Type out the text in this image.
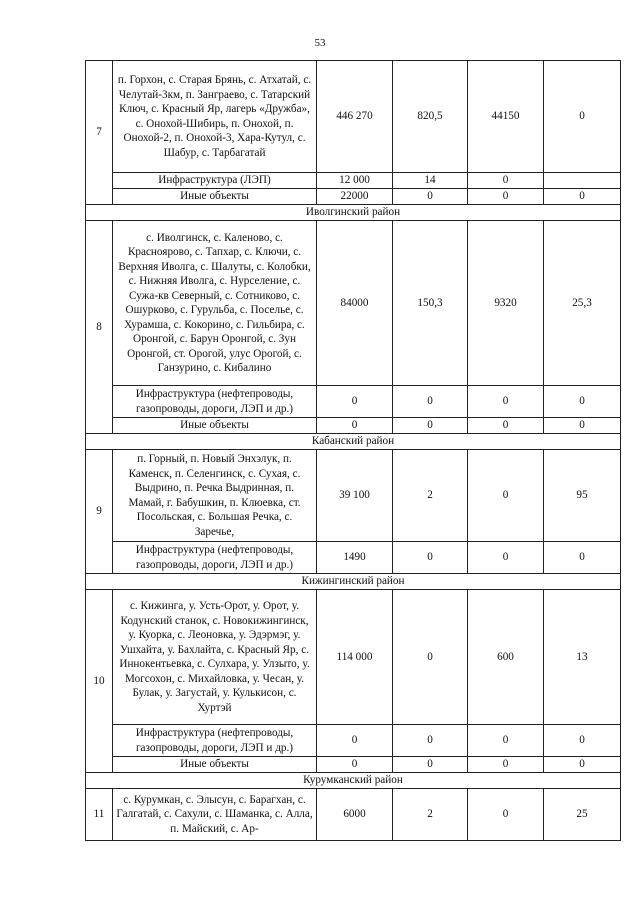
53
7	п. Горхон, с. Старая Брянь, с. Атхатай, с. Челутай-3км, п. Занграево, с. Татарский Ключ, с. Красный Яр, лагерь «Дружба», с. Онохой-Шибирь, п. Онохой, п. Онохой-2, п. Онохой-3, Хара-Кутул, с. Шабур, с. Тарбагатай	446 270	820,5	44150	0
	Инфраструктура (ЛЭП)	12 000	14	0	
	Иные объекты	22000	0	0	0
Иволгинский район					
8	с. Иволгинск, с. Каленово, с. Красноярово, с. Тапхар, с. Ключи, с. Верхняя Иволга, с. Шалуты, с. Колобки, с. Нижняя Иволга, с. Нурселение, с. Сужа-кв Северный, с. Сотниково, с. Ошурково, с. Гурульба, с. Поселье, с. Хурамша, с. Кокорино, с. Гильбира, с. Оронгой, с. Барун Оронгой, с. Зун Оронгой, ст. Орогой, улус Орогой, с. Ганзурино, с. Кибалино	84000	150,3	9320	25,3
	Инфраструктура (нефтепроводы, газопроводы, дороги, ЛЭП и др.)	0	0	0	0
	Иные объекты	0	0	0	0
Кабанский район					
9	п. Горный, п. Новый Энхэлук, п. Каменск, п. Селенгинск, с. Сухая, с. Выдрино, п. Речка Выдринная, п. Мамай, г. Бабушкин, п. Клюевка, ст. Посольская, с. Большая Речка, с. Заречье,	39 100	2	0	95
	Инфраструктура (нефтепроводы, газопроводы, дороги, ЛЭП и др.)	1490	0	0	0
Кижингинский район					
10	с. Кижинга, у. Усть-Орот, у. Орот, у. Кодунский станок, с. Новокижингинск, у. Куорка, с. Леоновка, у. Эдэрмэг, у. Ушхайта, у. Бахлайта, с. Красный Яр, с. Иннокентьевка, с. Сулхара, у. Улзыто, у. Могсохон, с. Михайловка, у. Чесан, у. Булак, у. Загустай, у. Кулькисон, с. Хуртэй	114 000	0	600	13
	Инфраструктура (нефтепроводы, газопроводы, дороги, ЛЭП и др.)	0	0	0	0
	Иные объекты	0	0	0	0
Курумканский район					
11	с. Курумкан, с. Элысун, с. Барагхан, с. Галгатай, с. Сахули, с. Шаманка, с. Алла, п. Майский, с. Ар-	6000	2	0	25
